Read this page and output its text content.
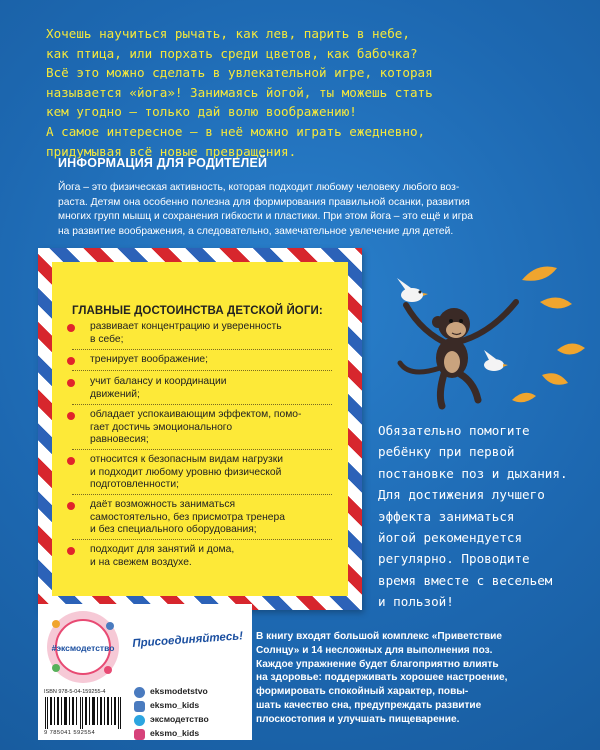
Хочешь научиться рычать, как лев, парить в небе,
как птица, или порхать среди цветов, как бабочка?
Всё это можно сделать в увлекательной игре, которая
называется «йога»! Занимаясь йогой, ты можешь стать
кем угодно – только дай волю воображению!
А самое интересное – в неё можно играть ежедневно,
придумывая всё новые превращения.
ИНФОРМАЦИЯ ДЛЯ РОДИТЕЛЕЙ
Йога – это физическая активность, которая подходит любому человеку любого воз-
раста. Детям она особенно полезна для формирования правильной осанки, развития
многих групп мышц и сохранения гибкости и пластики. При этом йога – это ещё и игра
на развитие воображения, а следовательно, замечательное увлечение для детей.
ГЛАВНЫЕ ДОСТОИНСТВА ДЕТСКОЙ ЙОГИ:
развивает концентрацию и уверенность
в себе;
тренирует воображение;
учит балансу и координации
движений;
обладает успокаивающим эффектом, помо-
гает достичь эмоционального
равновесия;
относится к безопасным видам нагрузки
и подходит любому уровню физической
подготовленности;
даёт возможность заниматься
самостоятельно, без присмотра тренера
и без специального оборудования;
подходит для занятий и дома,
и на свежем воздухе.
Обязательно помогите
ребёнку при первой
постановке поз и дыхания.
Для достижения лучшего
эффекта заниматься
йогой рекомендуется
регулярно. Проводите
время вместе с весельем
и пользой!
В книгу входят большой комплекс «Приветствие
Солнцу» и 14 несложных для выполнения поз.
Каждое упражнение будет благоприятно влиять
на здоровье: поддерживать хорошее настроение,
формировать спокойный характер, повы-
шать качество сна, предупреждать развитие
плоскостопия и улучшать пищеварение.
#эксмодетство Присоединяйтесь!
ISBN 978-5-04-159255-4
9 785041 592554
eksmodetstvo
eksmo_kids
эксмодетство
eksmo_kids
